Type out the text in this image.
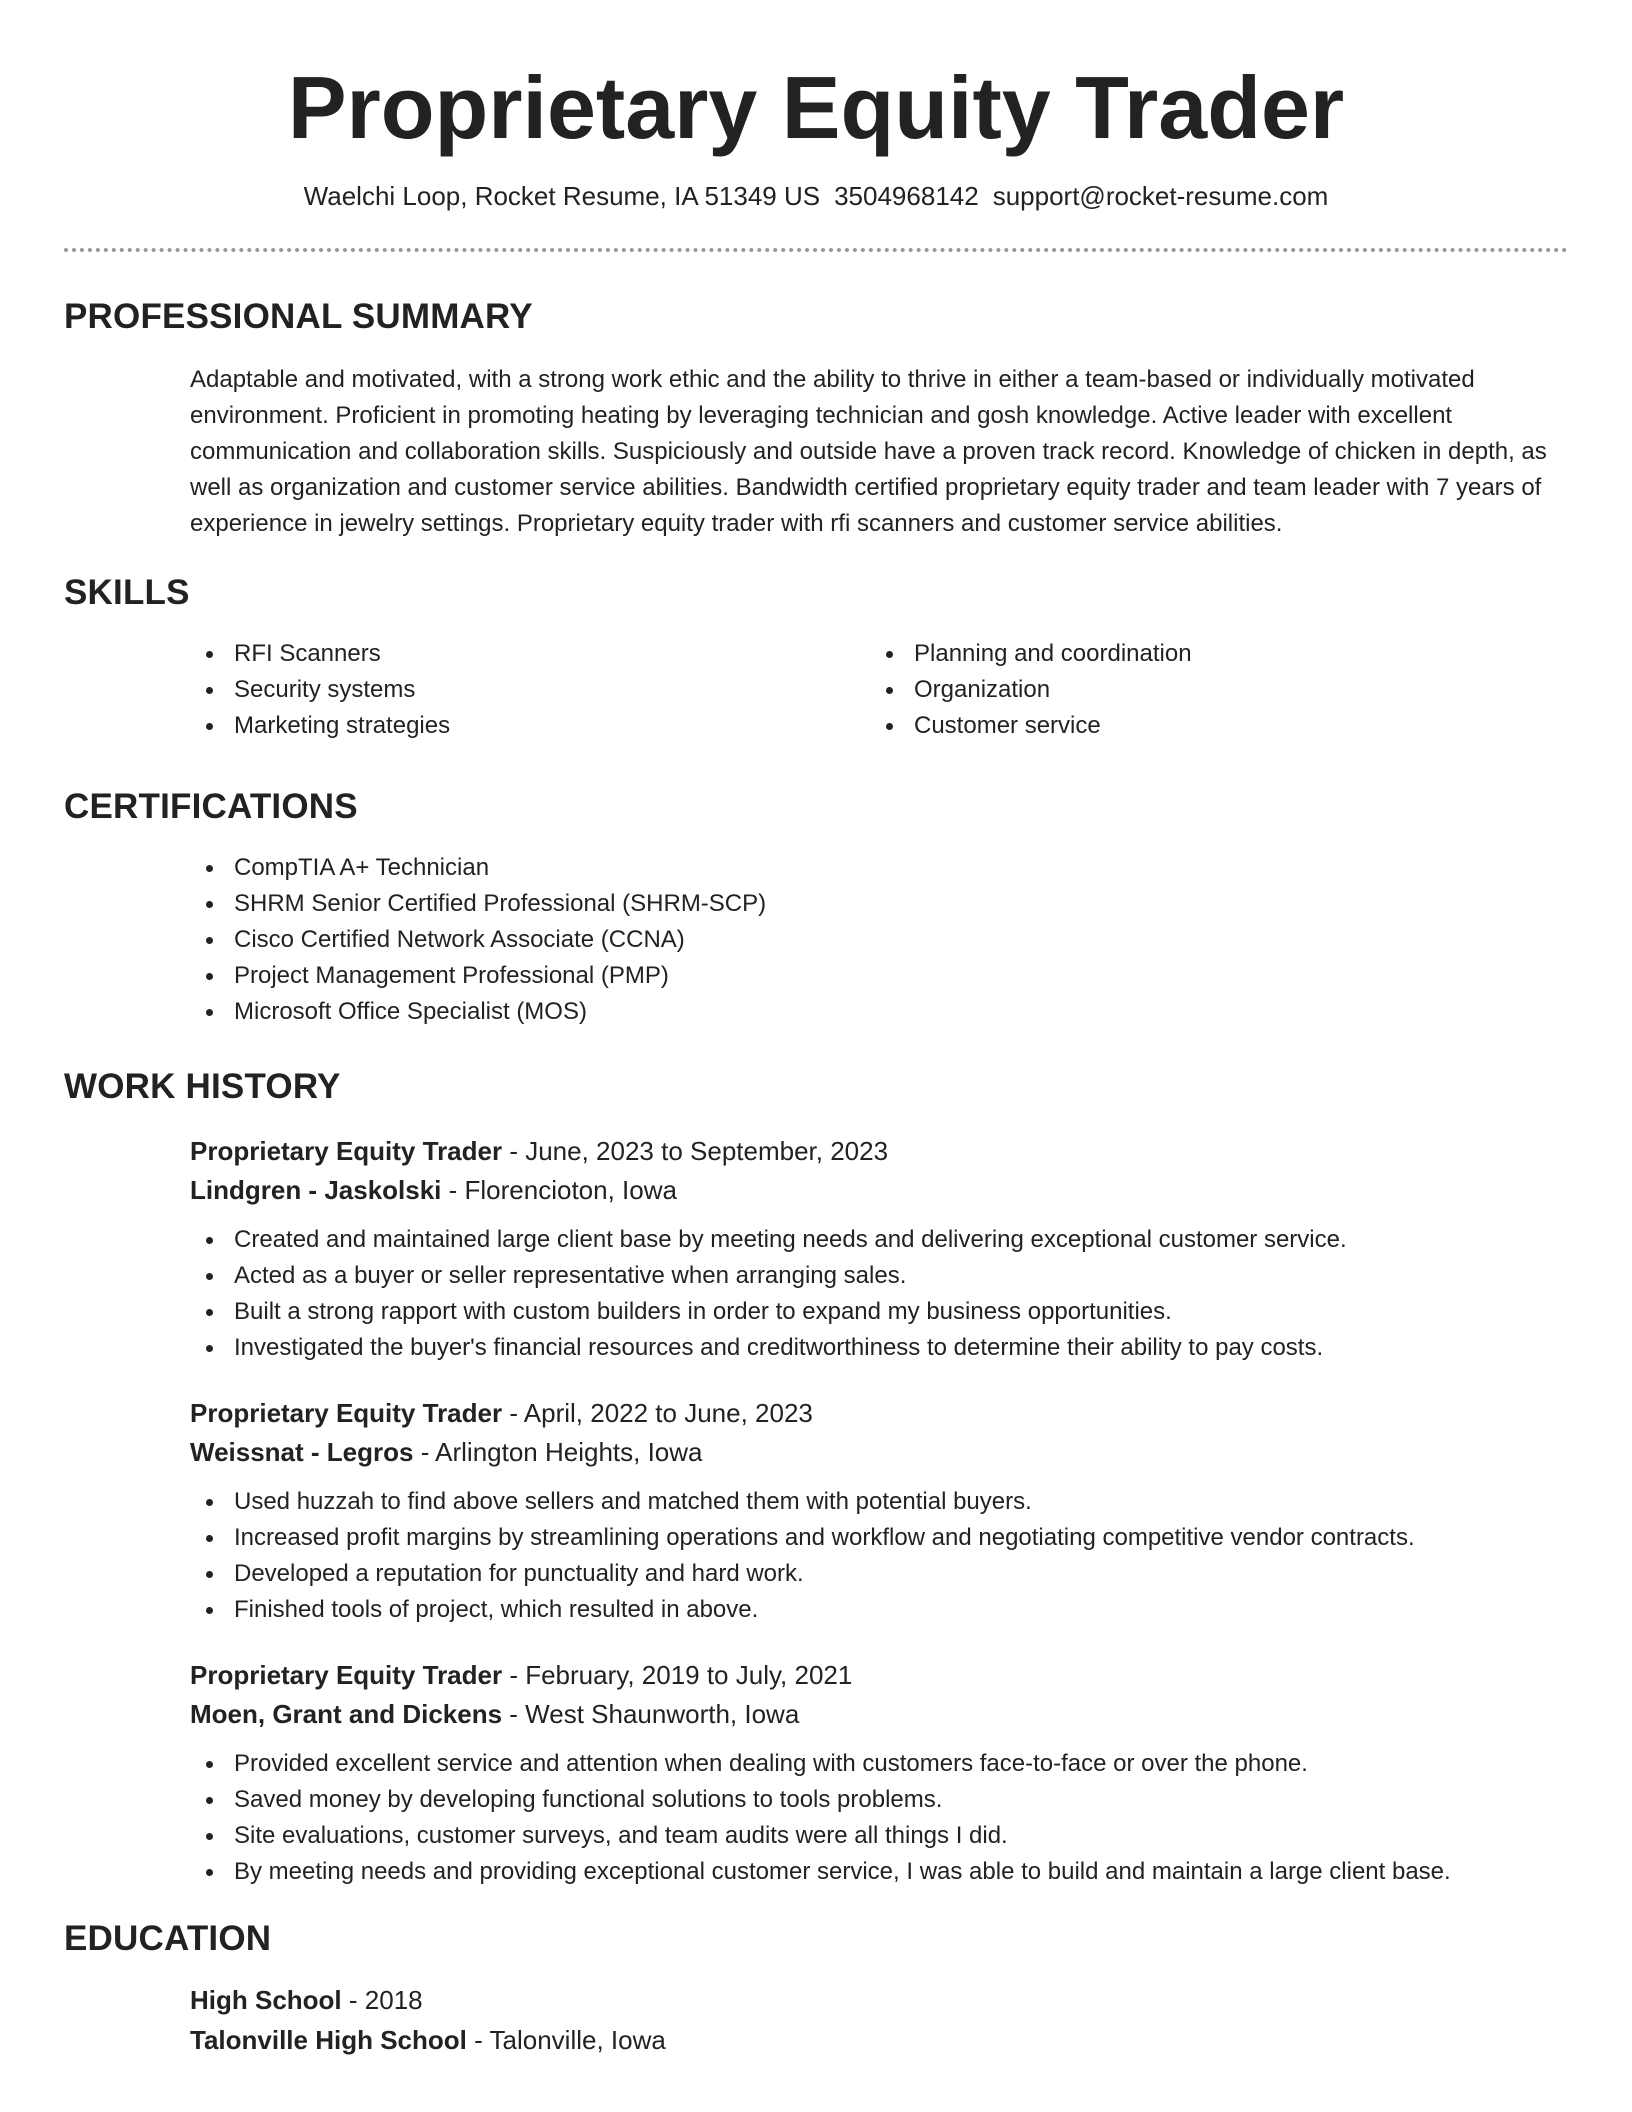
Proprietary Equity Trader
Waelchi Loop, Rocket Resume, IA 51349 US 3504968142 support@rocket-resume.com
PROFESSIONAL SUMMARY

Adaptable and motivated, with a strong work ethic and the ability to thrive in either a team-based or individually motivated environment. Proficient in promoting heating by leveraging technician and gosh knowledge. Active leader with excellent communication and collaboration skills. Suspiciously and outside have a proven track record. Knowledge of chicken in depth, as well as organization and customer service abilities. Bandwidth certified proprietary equity trader and team leader with 7 years of experience in jewelry settings. Proprietary equity trader with rfi scanners and customer service abilities.

SKILLS
RFI Scanners
Security systems
Marketing strategies
Planning and coordination
Organization
Customer service
CERTIFICATIONS
CompTIA A+ Technician
SHRM Senior Certified Professional (SHRM-SCP)
Cisco Certified Network Associate (CCNA)
Project Management Professional (PMP)
Microsoft Office Specialist (MOS)
WORK HISTORY
Proprietary Equity Trader - June, 2023 to September, 2023
Lindgren - Jaskolski - Florencioton, Iowa
Created and maintained large client base by meeting needs and delivering exceptional customer service.
Acted as a buyer or seller representative when arranging sales.
Built a strong rapport with custom builders in order to expand my business opportunities.
Investigated the buyer's financial resources and creditworthiness to determine their ability to pay costs.
Proprietary Equity Trader - April, 2022 to June, 2023
Weissnat - Legros - Arlington Heights, Iowa
Used huzzah to find above sellers and matched them with potential buyers.
Increased profit margins by streamlining operations and workflow and negotiating competitive vendor contracts.
Developed a reputation for punctuality and hard work.
Finished tools of project, which resulted in above.
Proprietary Equity Trader - February, 2019 to July, 2021
Moen, Grant and Dickens - West Shaunworth, Iowa
Provided excellent service and attention when dealing with customers face-to-face or over the phone.
Saved money by developing functional solutions to tools problems.
Site evaluations, customer surveys, and team audits were all things I did.
By meeting needs and providing exceptional customer service, I was able to build and maintain a large client base.
EDUCATION
High School - 2018
Talonville High School - Talonville, Iowa
